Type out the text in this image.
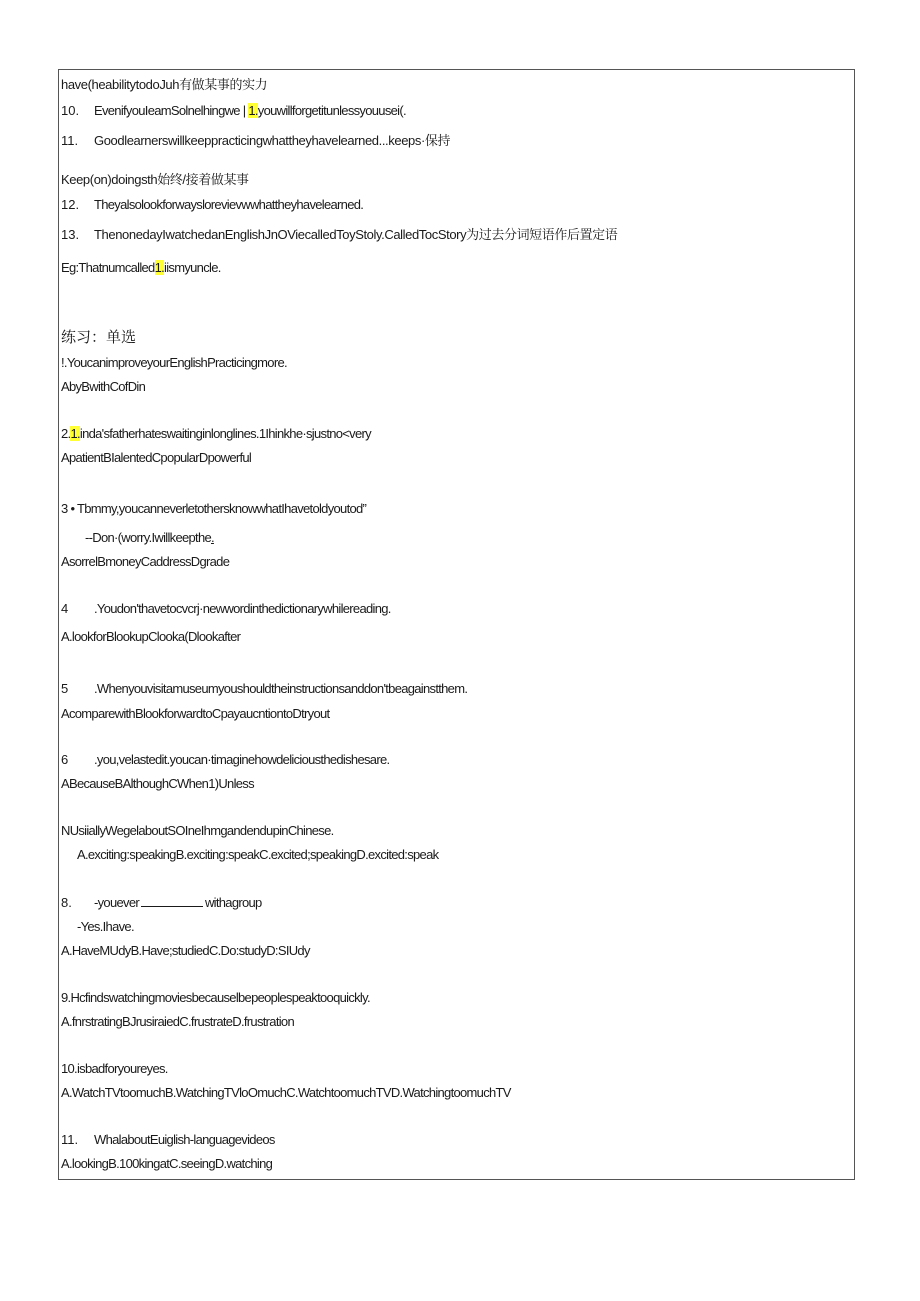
have(heabilitytodoJuh有做某事的实力
10. EvenifyouIeamSolnelhingwe | 1.youwillforgetitunlessyouusei(.
11. Goodlearnerswillkeeppracticingwhattheyhavelearned...keeps·保持
Keep(on)doingsth始终/接着做某事
12. Theyalsolookforwayslorevievwwhattheyhavelearned.
13. ThenonedayIwatchedanEnglishJnOViecalledToyStoly.CalledTocStory为过去分词短语作后置定语
Eg:Thatnumcalled1.iismyuncle.
练习：单选
!.YoucanimproveyourEnglishPracticingmore.
AbyBwithCofDin
2.1.inda'sfatherhateswaitinginlonglines.1Ihinkhe·sjustno<very
ApatientBIalentedCpopularDpowerful
3 • Tbmmy,youcanneverletothersknowwhatIhavetoldyoutod”
--Don·(worry.Iwillkeepthe.
AsorrelBmoneyCaddressDgrade
4 .Youdon'thavetocvcrj·newwordinthedictionarywhilereading.
A.lookforBlookupClooka(Dlookafter
5 .Whenyouvisitamuseumyoushouldtheinstructionsanddon'tbeagainstthem.
AcomparewithBlookforwardtoCpayaucntiontoDtryout
6 .you,velastedit.youcan·timaginehowdeliciousthedishesare.
ABecauseBAlthoughCWhen1)Unless
NUsiiallyWegelaboutSOIneIhmgandendupinChinese.
A.exciting:speakingB.exciting:speakC.excited;speakingD.excited:speak
8. -youever	withagroup
-Yes.Ihave.
A.HaveMUdyB.Have;studiedC.Do:studyD:SIUdy
9.Hcfindswatchingmoviesbecauselbepeoplespeaktooquickly.
A.fnrstratingBJrusiraiedC.frustrateD.frustration
10.isbadforyoureyes.
A.WatchTVtoomuchB.WatchingTVloOmuchC.WatchtoomuchTVD.WatchingtoomuchTV
11. WhalaboutEuiglish-languagevideos
A.lookingB.100kingatC.seeingD.watching
